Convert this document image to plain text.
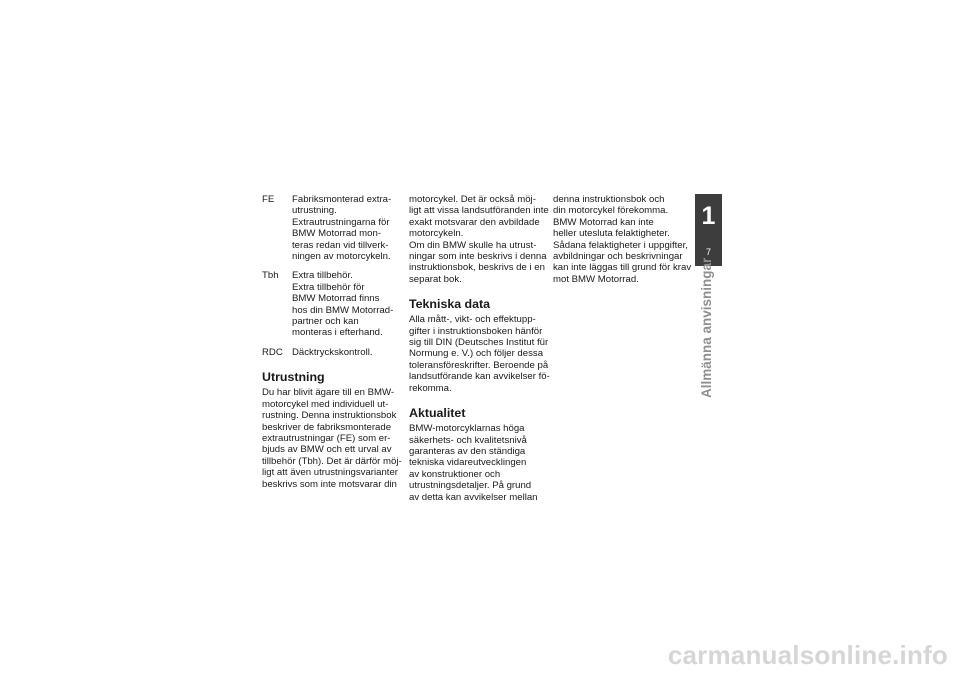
FE	Fabriksmonterad extra-
utrustning.
Extrautrustningarna för
BMW Motorrad mon-
teras redan vid tillverk-
ningen av motorcykeln.
Tbh	Extra tillbehör.
Extra tillbehör för
BMW Motorrad finns
hos din BMW Motorrad-
partner och kan
monteras i efterhand.
RDC Däcktryckskontroll.
Utrustning
Du har blivit ägare till en BMW-
motorcykel med individuell ut-
rustning. Denna instruktionsbok
beskriver de fabriksmonterade
extrautrustningar (FE) som er-
bjuds av BMW och ett urval av
tillbehör (Tbh). Det är därför möj-
ligt att även utrustningsvarianter
beskrivs som inte motsvarar din
motorcykel. Det är också möj-
ligt att vissa landsutföranden inte
exakt motsvarar den avbildade
motorcykeln.
Om din BMW skulle ha utrust-
ningar som inte beskrivs i denna
instruktionsbok, beskrivs de i en
separat bok.
Tekniska data
Alla mått-, vikt- och effektupp-
gifter i instruktionsboken hänför
sig till DIN (Deutsches Institut für
Normung e. V.) och följer dessa
toleransföreskrifter. Beroende på
landsutförande kan avvikelser fö-
rekomma.
Aktualitet
BMW-motorcyklarnas höga
säkerhets- och kvalitetsnivå
garanteras av den ständiga
tekniska vidareutvecklingen
av konstruktioner och
utrustningsdetaljer. På grund
av detta kan avvikelser mellan
denna instruktionsbok och
din motorcykel förekomma.
BMW Motorrad kan inte
heller utesluta felaktigheter.
Sådana felaktigheter i uppgifter,
avbildningar och beskrivningar
kan inte läggas till grund för krav
mot BMW Motorrad.
1
7
Allmänna anvisningar
carmanualsonline.info
